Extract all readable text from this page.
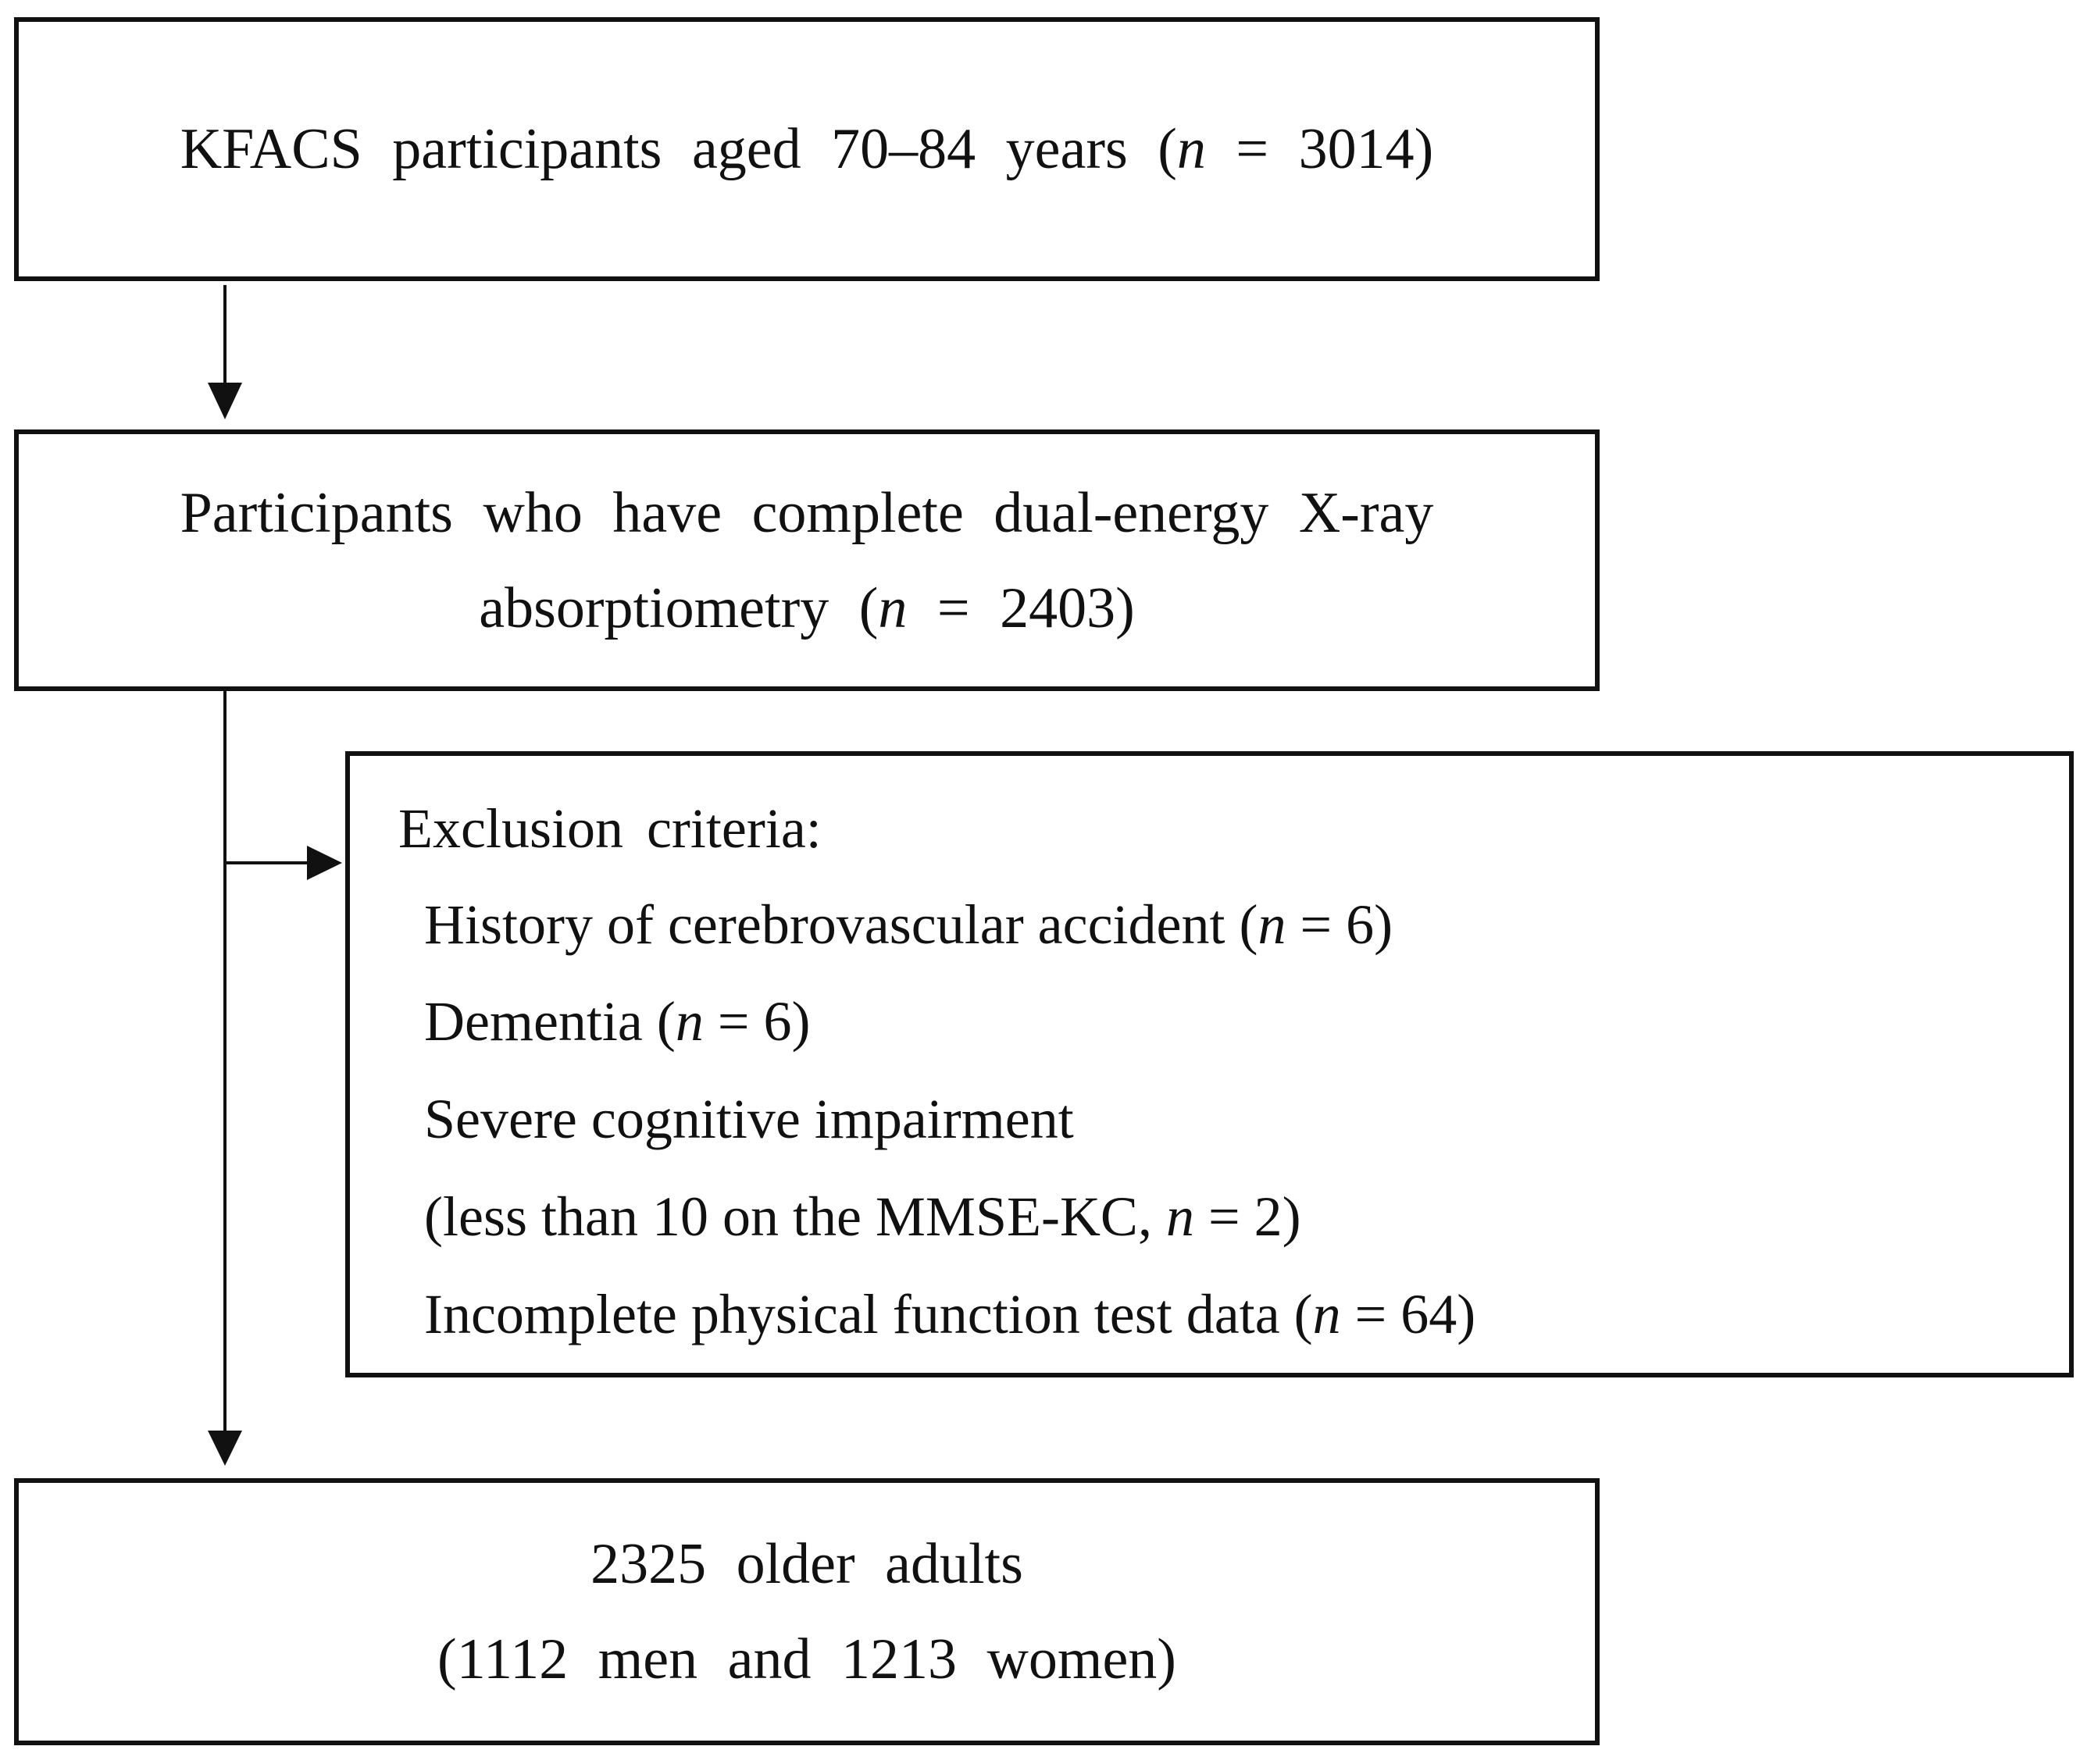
KFACS participants aged 70–84 years (n = 3014)
Participants who have complete dual-energy X-ray
absorptiometry (n = 2403)
Exclusion criteria:
History of cerebrovascular accident (n = 6)
Dementia (n = 6)
Severe cognitive impairment
(less than 10 on the MMSE-KC, n = 2)
Incomplete physical function test data (n = 64)
2325 older adults
(1112 men and 1213 women)
